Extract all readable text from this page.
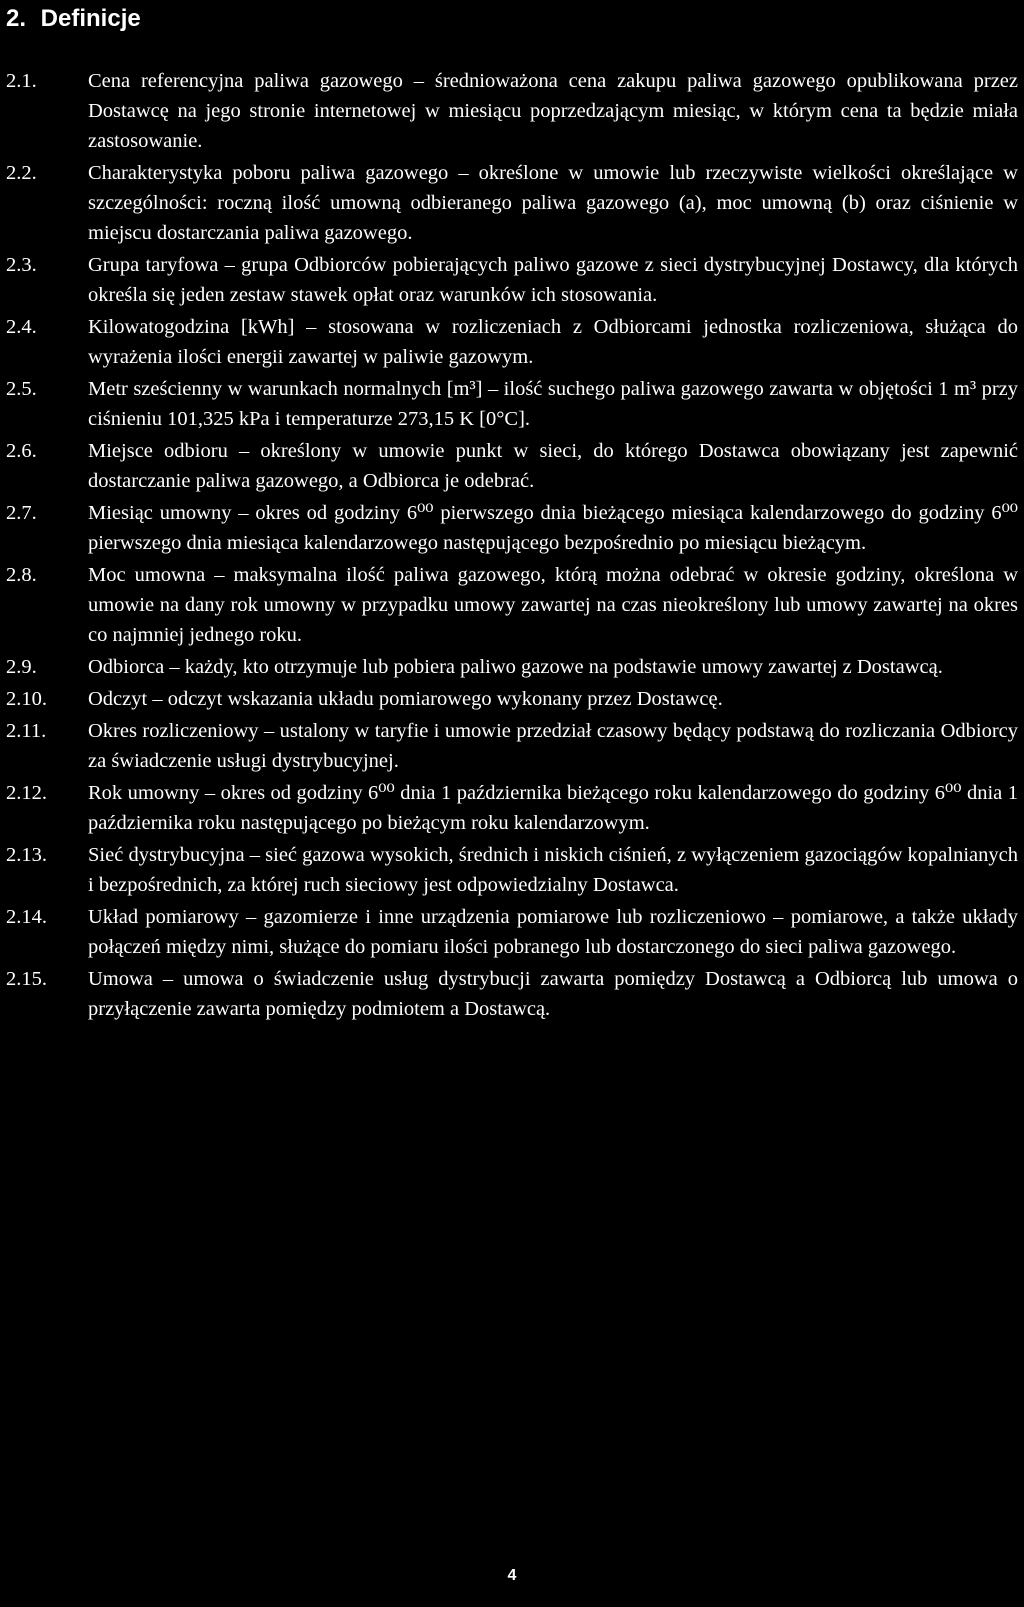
2. Definicje
2.1.	Cena referencyjna paliwa gazowego – średnioważona cena zakupu paliwa gazowego opublikowana przez Dostawcę na jego stronie internetowej w miesiącu poprzedzającym miesiąc, w którym cena ta będzie miała zastosowanie.
2.2.	Charakterystyka poboru paliwa gazowego – określone w umowie lub rzeczywiste wielkości określające w szczególności: roczną ilość umowną odbieranego paliwa gazowego (a), moc umowną (b) oraz ciśnienie w miejscu dostarczania paliwa gazowego.
2.3.	Grupa taryfowa – grupa Odbiorców pobierających paliwo gazowe z sieci dystrybucyjnej Dostawcy, dla których określa się jeden zestaw stawek opłat oraz warunków ich stosowania.
2.4.	Kilowatogodzina [kWh] – stosowana w rozliczeniach z Odbiorcami jednostka rozliczeniowa, służąca do wyrażenia ilości energii zawartej w paliwie gazowym.
2.5.	Metr sześcienny w warunkach normalnych [m³] – ilość suchego paliwa gazowego zawarta w objętości 1 m³ przy ciśnieniu 101,325 kPa i temperaturze 273,15 K [0°C].
2.6.	Miejsce odbioru – określony w umowie punkt w sieci, do którego Dostawca obowiązany jest zapewnić dostarczanie paliwa gazowego, a Odbiorca je odebrać.
2.7.	Miesiąc umowny – okres od godziny 6⁰⁰ pierwszego dnia bieżącego miesiąca kalendarzowego do godziny 6⁰⁰ pierwszego dnia miesiąca kalendarzowego następującego bezpośrednio po miesiącu bieżącym.
2.8.	Moc umowna – maksymalna ilość paliwa gazowego, którą można odebrać w okresie godziny, określona w umowie na dany rok umowny w przypadku umowy zawartej na czas nieokreślony lub umowy zawartej na okres co najmniej jednego roku.
2.9.	Odbiorca – każdy, kto otrzymuje lub pobiera paliwo gazowe na podstawie umowy zawartej z Dostawcą.
2.10.	Odczyt – odczyt wskazania układu pomiarowego wykonany przez Dostawcę.
2.11.	Okres rozliczeniowy – ustalony w taryfie i umowie przedział czasowy będący podstawą do rozliczania Odbiorcy za świadczenie usługi dystrybucyjnej.
2.12.	Rok umowny – okres od godziny 6⁰⁰ dnia 1 października bieżącego roku kalendarzowego do godziny 6⁰⁰ dnia 1 października roku następującego po bieżącym roku kalendarzowym.
2.13.	Sieć dystrybucyjna – sieć gazowa wysokich, średnich i niskich ciśnień, z wyłączeniem gazociągów kopalnianych i bezpośrednich, za której ruch sieciowy jest odpowiedzialny Dostawca.
2.14.	Układ pomiarowy – gazomierze i inne urządzenia pomiarowe lub rozliczeniowo – pomiarowe, a także układy połączeń między nimi, służące do pomiaru ilości pobranego lub dostarczonego do sieci paliwa gazowego.
2.15.	Umowa – umowa o świadczenie usług dystrybucji zawarta pomiędzy Dostawcą a Odbiorcą lub umowa o przyłączenie zawarta pomiędzy podmiotem a Dostawcą.
4
